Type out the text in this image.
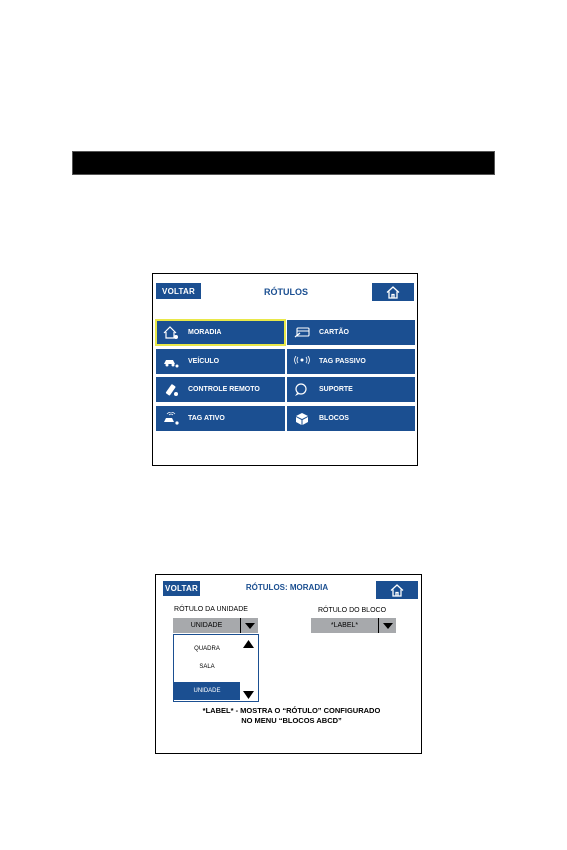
VOLTAR	RÓTULOS
MORADIA	CARTÃO
VEÍCULO	TAG PASSIVO
CONTROLE REMOTO	SUPORTE
TAG ATIVO	BLOCOS
VOLTAR	RÓTULOS: MORADIA
RÓTULO DA UNIDADE
UNIDADE
RÓTULO DO BLOCO
*LABEL*
QUADRA
SALA
UNIDADE
*LABEL* - MOSTRA O “RÓTULO” CONFIGURADO
NO MENU “BLOCOS ABCD”
